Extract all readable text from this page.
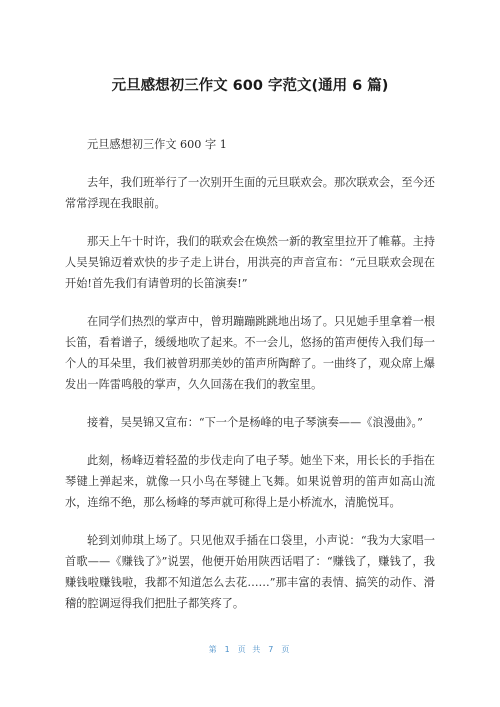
元旦感想初三作文 600 字范文(通用 6 篇)

元旦感想初三作文 600 字 1

去年，我们班举行了一次别开生面的元旦联欢会。那次联欢会，至今还常常浮现在我眼前。

那天上午十时许，我们的联欢会在焕然一新的教室里拉开了帷幕。主持人吴昊锦迈着欢快的步子走上讲台，用洪亮的声音宣布：“元旦联欢会现在开始!首先我们有请曾玥的长笛演奏!”

在同学们热烈的掌声中，曾玥蹦蹦跳跳地出场了。只见她手里拿着一根长笛，看着谱子，缓缓地吹了起来。不一会儿，悠扬的笛声便传入我们每一个人的耳朵里，我们被曾玥那美妙的笛声所陶醉了。一曲终了，观众席上爆发出一阵雷鸣般的掌声，久久回荡在我们的教室里。

接着，吴昊锦又宣布：“下一个是杨峰的电子琴演奏——《浪漫曲》。”

此刻，杨峰迈着轻盈的步伐走向了电子琴。她坐下来，用长长的手指在琴键上弹起来，就像一只小鸟在琴键上飞舞。如果说曾玥的笛声如高山流水，连绵不绝，那么杨峰的琴声就可称得上是小桥流水，清脆悦耳。

轮到刘帅琪上场了。只见他双手插在口袋里，小声说：“我为大家唱一首歌——《赚钱了》”说罢，他便开始用陕西话唱了：“赚钱了，赚钱了，我赚钱啦赚钱啦，我都不知道怎么去花……”那丰富的表情、搞笑的动作、滑稽的腔调逗得我们把肚子都笑疼了。

第 1 页 共 7 页
